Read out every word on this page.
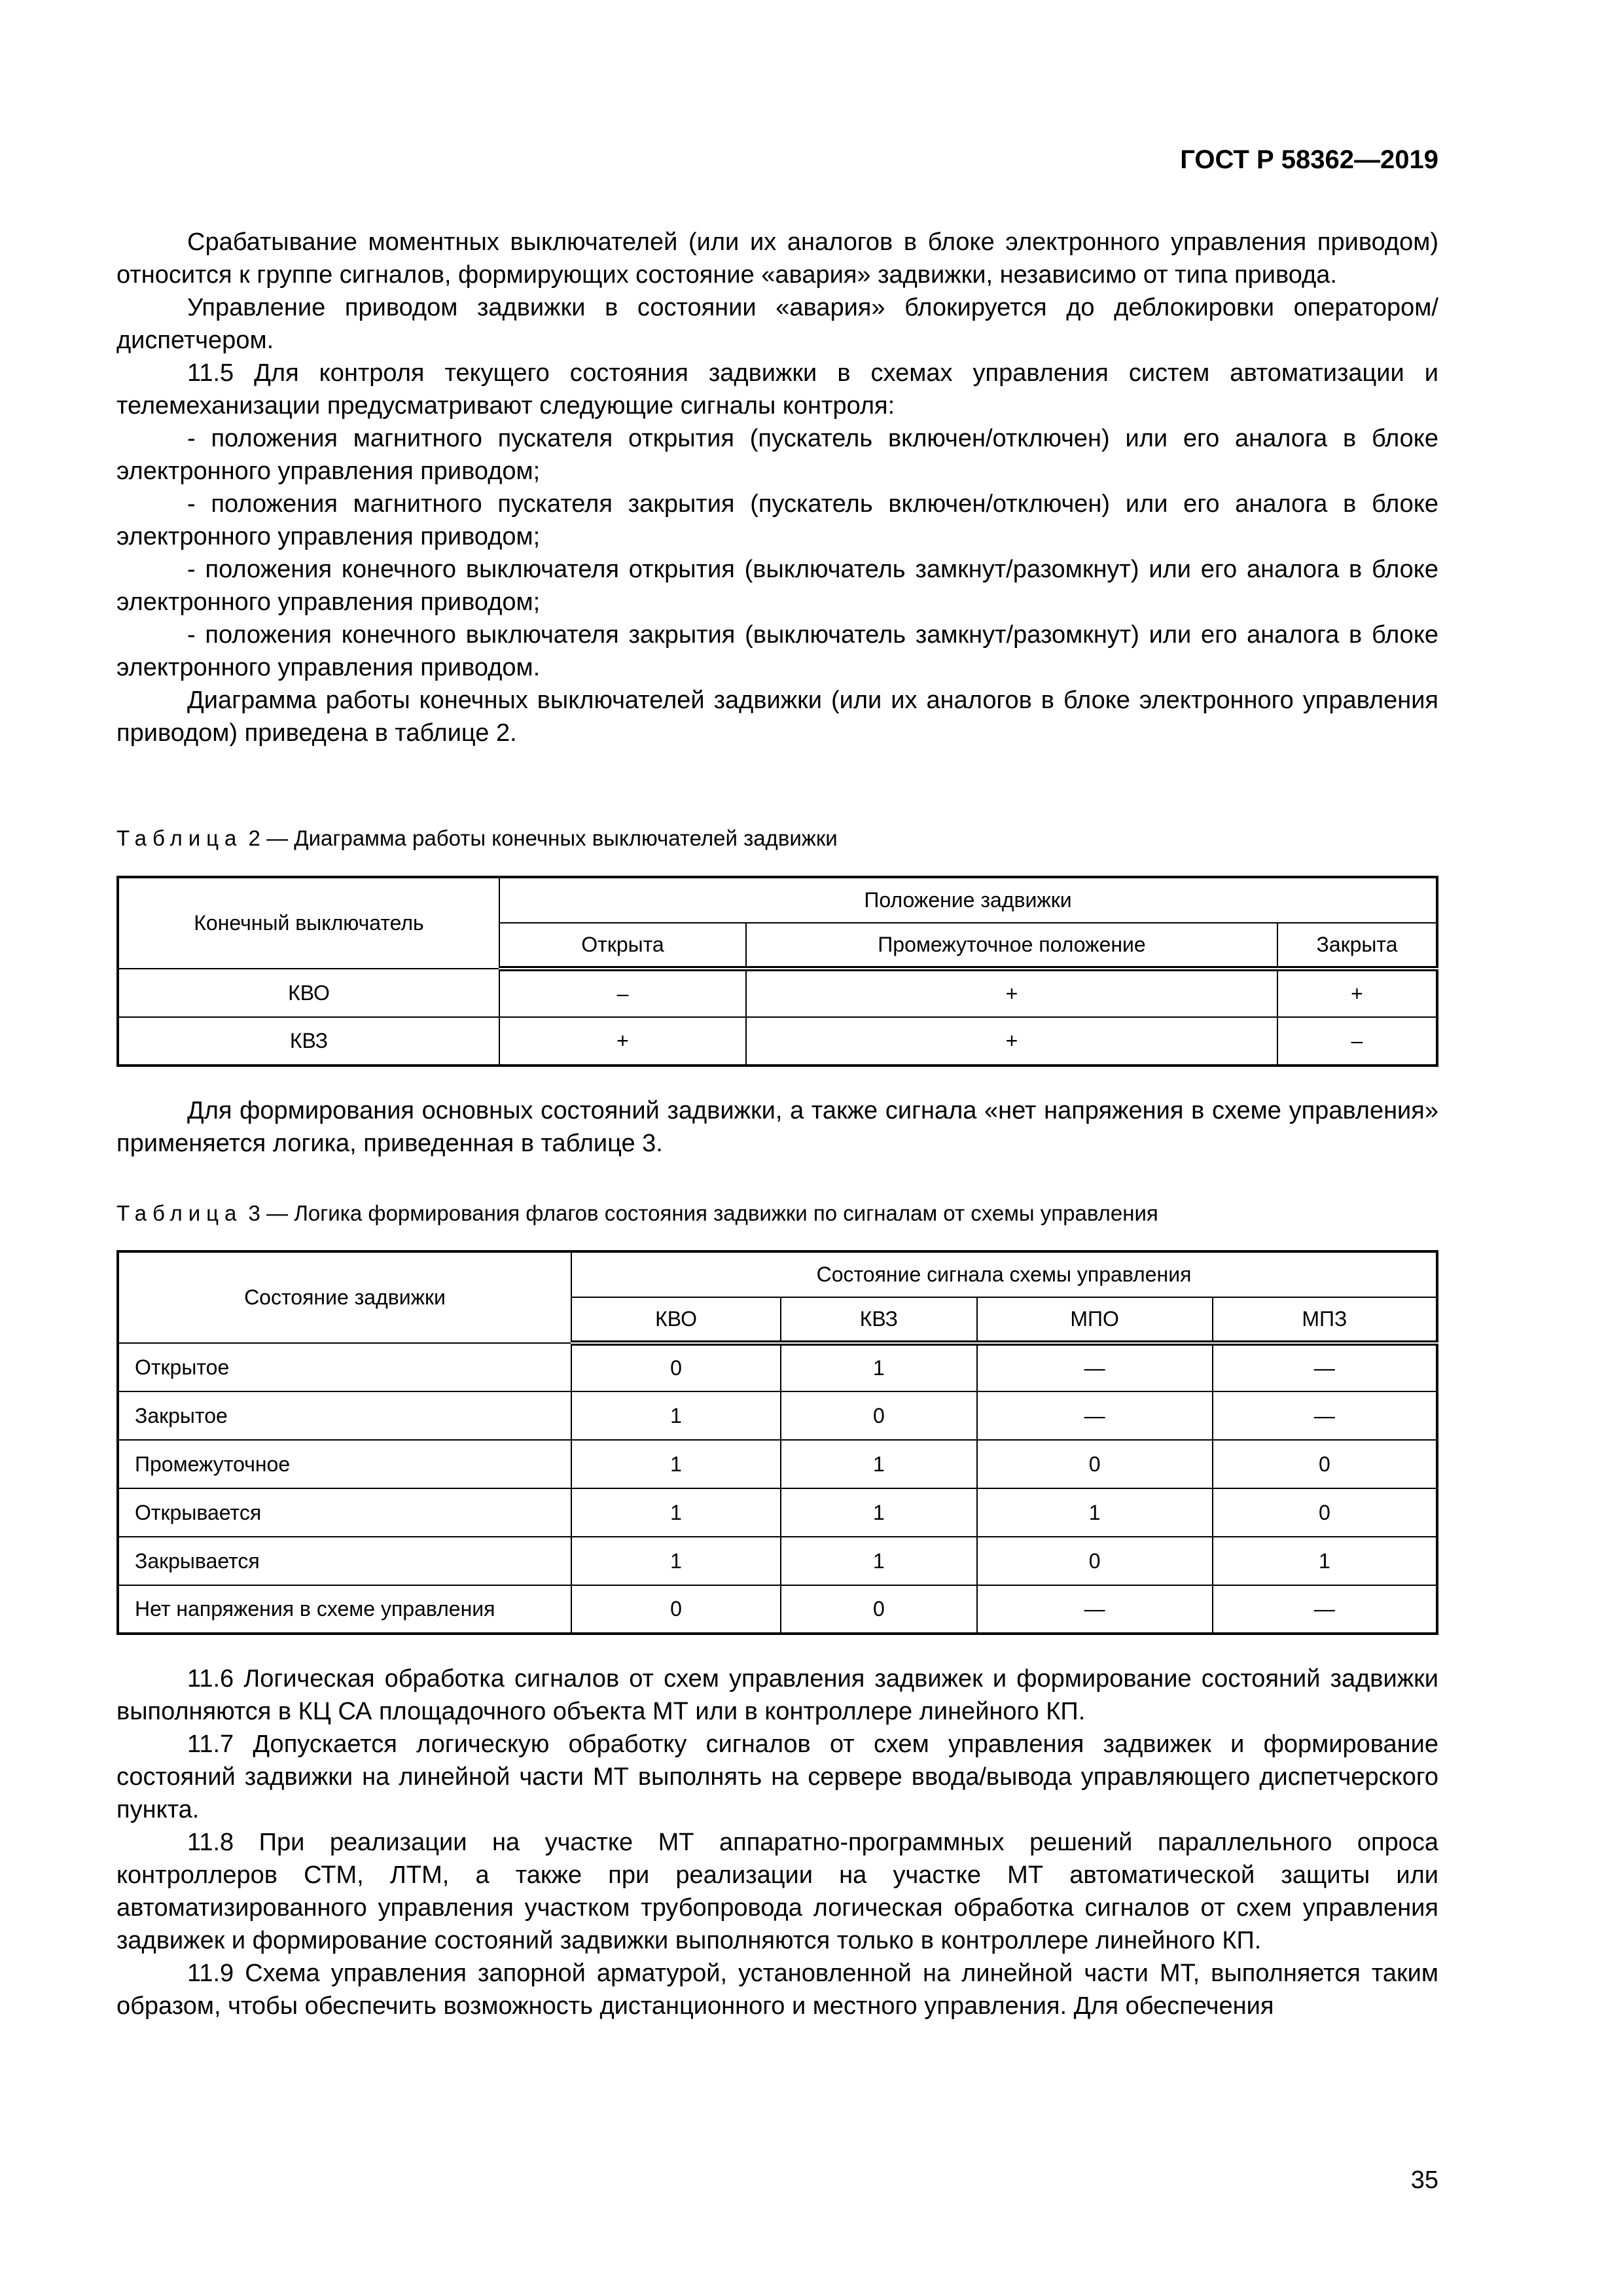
ГОСТ Р 58362—2019

Срабатывание моментных выключателей (или их аналогов в блоке электронного управления приводом) относится к группе сигналов, формирующих состояние «авария» задвижки, независимо от типа привода.

Управление приводом задвижки в состоянии «авария» блокируется до деблокировки оператором/ диспетчером.

11.5 Для контроля текущего состояния задвижки в схемах управления систем автоматизации и телемеханизации предусматривают следующие сигналы контроля:

- положения магнитного пускателя открытия (пускатель включен/отключен) или его аналога в блоке электронного управления приводом;

- положения магнитного пускателя закрытия (пускатель включен/отключен) или его аналога в блоке электронного управления приводом;

- положения конечного выключателя открытия (выключатель замкнут/разомкнут) или его аналога в блоке электронного управления приводом;

- положения конечного выключателя закрытия (выключатель замкнут/разомкнут) или его аналога в блоке электронного управления приводом.

Диаграмма работы конечных выключателей задвижки (или их аналогов в блоке электронного управления приводом) приведена в таблице 2.

Таблица 2 — Диаграмма работы конечных выключателей задвижки
Конечный выключатель	Положение задвижки		
	Открыта	Промежуточное положение	Закрыта
КВО	–	+	+
КВЗ	+	+	–

Для формирования основных состояний задвижки, а также сигнала «нет напряжения в схеме управления» применяется логика, приведенная в таблице 3.

Таблица 3 — Логика формирования флагов состояния задвижки по сигналам от схемы управления
Состояние задвижки	Состояние сигнала схемы управления			
	КВО	КВЗ	МПО	МПЗ
Открытое	0	1	—	—
Закрытое	1	0	—	—
Промежуточное	1	1	0	0
Открывается	1	1	1	0
Закрывается	1	1	0	1
Нет напряжения в схеме управления	0	0	—	—

11.6 Логическая обработка сигналов от схем управления задвижек и формирование состояний задвижки выполняются в КЦ СА площадочного объекта МТ или в контроллере линейного КП.

11.7 Допускается логическую обработку сигналов от схем управления задвижек и формирование состояний задвижки на линейной части МТ выполнять на сервере ввода/вывода управляющего диспетчерского пункта.

11.8 При реализации на участке МТ аппаратно-программных решений параллельного опроса контроллеров СТМ, ЛТМ, а также при реализации на участке МТ автоматической защиты или автоматизированного управления участком трубопровода логическая обработка сигналов от схем управления задвижек и формирование состояний задвижки выполняются только в контроллере линейного КП.

11.9 Схема управления запорной арматурой, установленной на линейной части МТ, выполняется таким образом, чтобы обеспечить возможность дистанционного и местного управления. Для обеспечения

35
